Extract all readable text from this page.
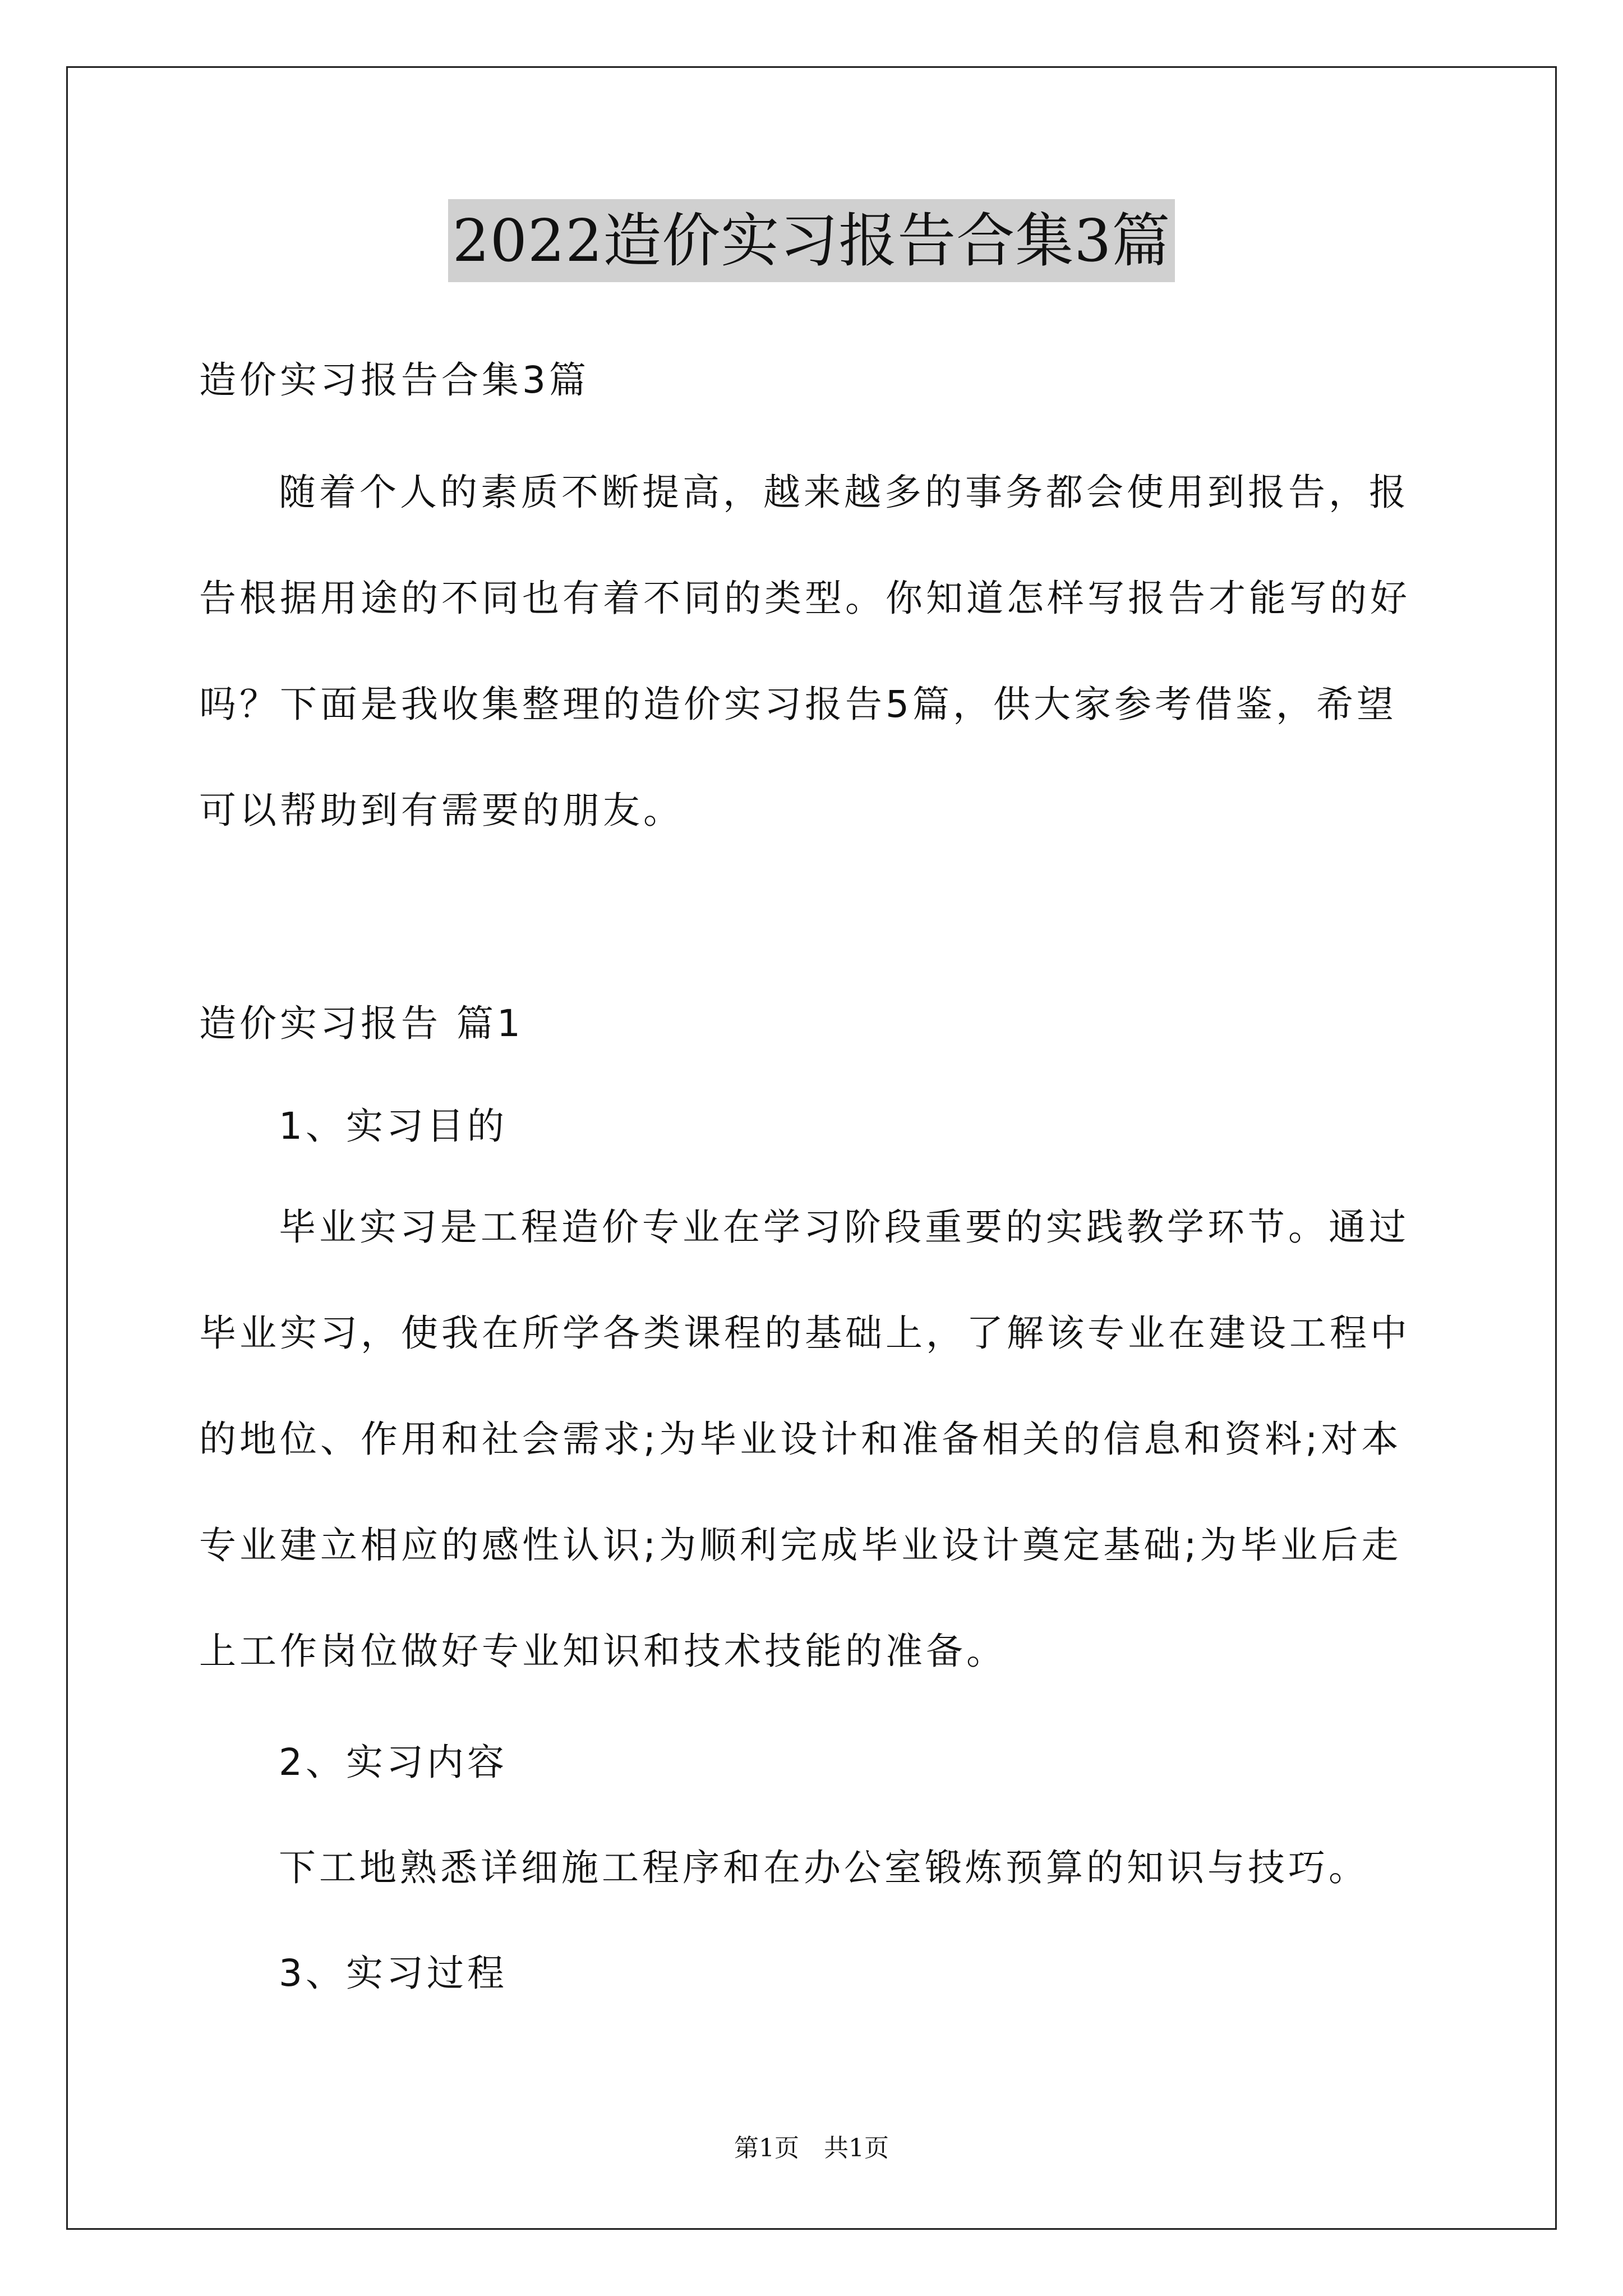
2022造价实习报告合集3篇
造价实习报告合集3篇
随着个人的素质不断提高，越来越多的事务都会使用到报告，报
告根据用途的不同也有着不同的类型。你知道怎样写报告才能写的好
吗？下面是我收集整理的造价实习报告5篇，供大家参考借鉴，希望
可以帮助到有需要的朋友。
造价实习报告 篇1
1、实习目的
毕业实习是工程造价专业在学习阶段重要的实践教学环节。通过
毕业实习，使我在所学各类课程的基础上，了解该专业在建设工程中
的地位、作用和社会需求;为毕业设计和准备相关的信息和资料;对本
专业建立相应的感性认识;为顺利完成毕业设计奠定基础;为毕业后走
上工作岗位做好专业知识和技术技能的准备。
2、实习内容
下工地熟悉详细施工程序和在办公室锻炼预算的知识与技巧。
3、实习过程
第1页　共1页
